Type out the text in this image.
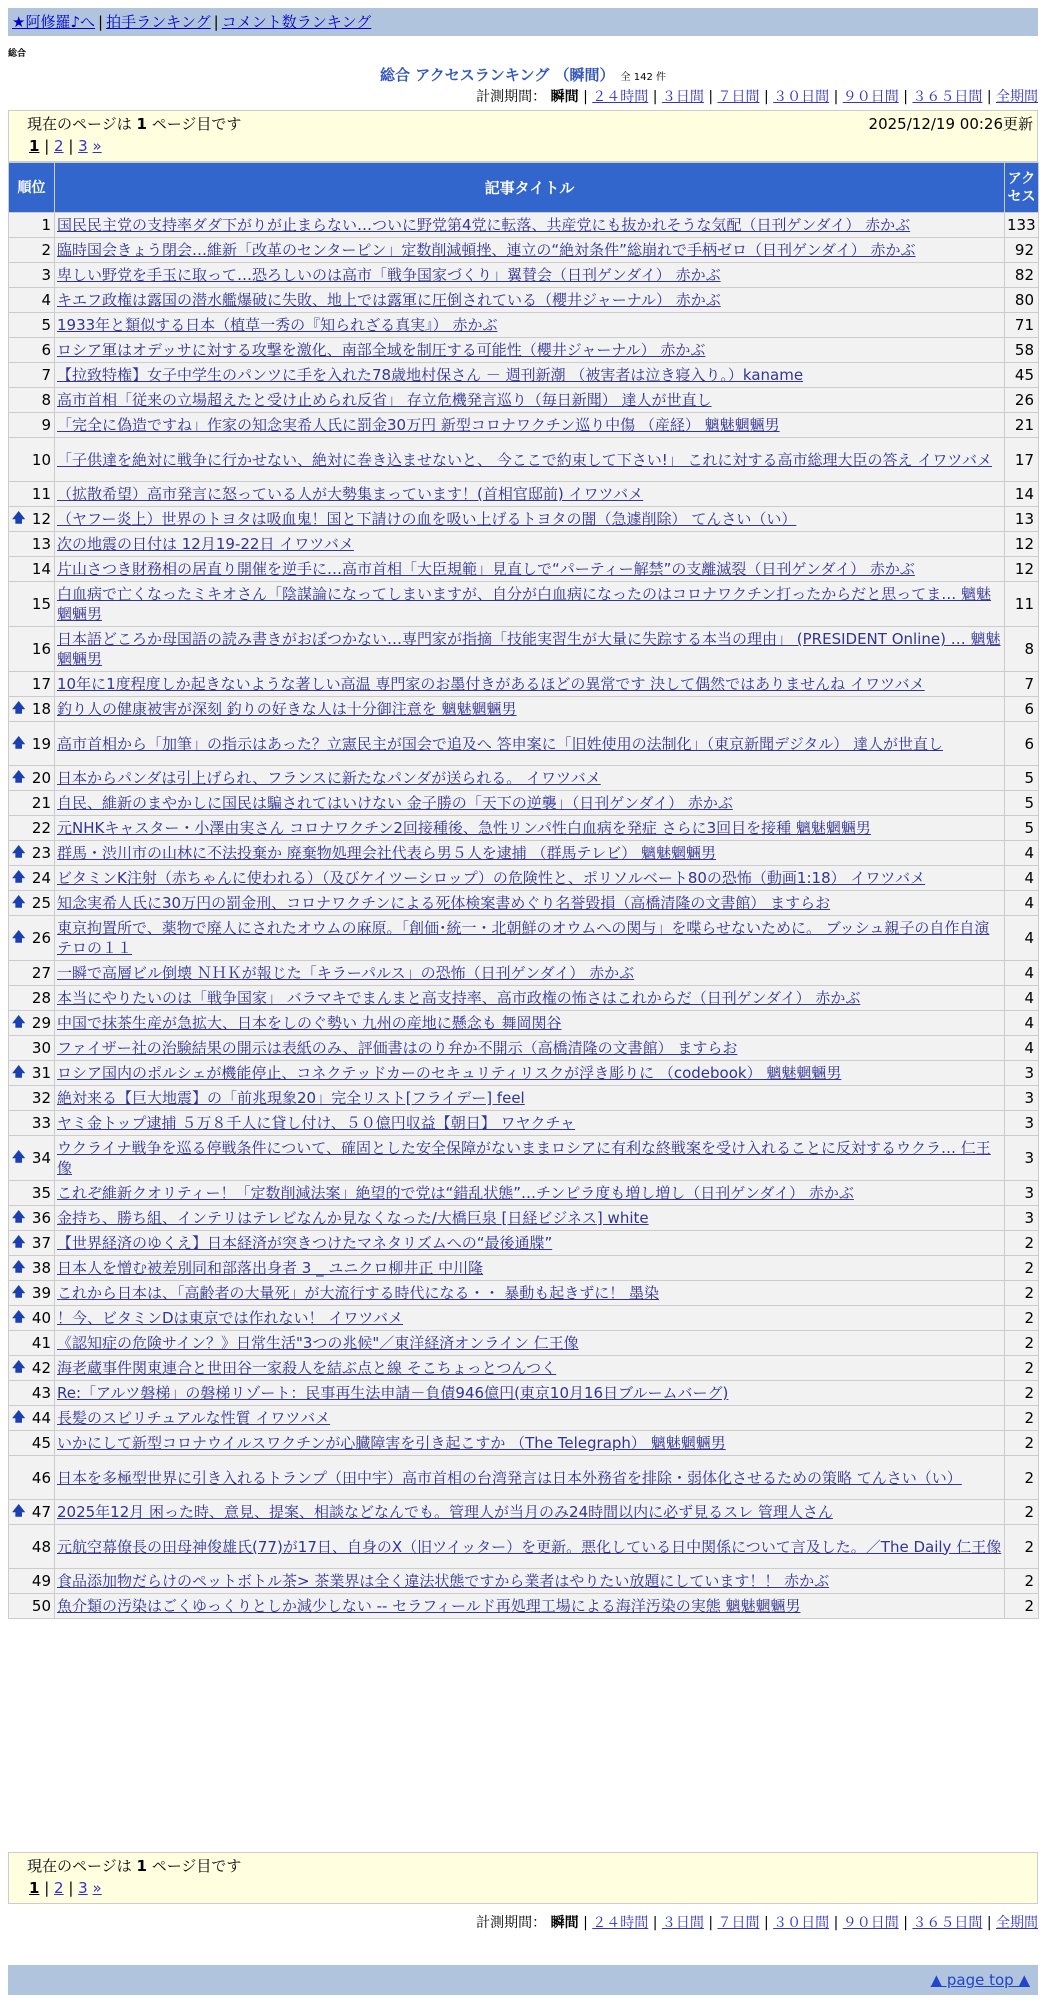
★阿修羅♪へ | 拍手ランキング | コメント数ランキング
総合
総合 アクセスランキング （瞬間） 全 142 件
計測期間： 瞬間 | ２４時間 | ３日間 | ７日間 | ３０日間 | ９０日間 | ３６５日間 | 全期間
現在のページは 1 ページ目です	2025/12/19 00:26更新
1 | 2 | 3 »
順位	記事タイトル	アクセス
1	国民民主党の支持率ダダ下がりが止まらない…ついに野党第4党に転落、共産党にも抜かれそうな気配（日刊ゲンダイ） 赤かぶ	133
2	臨時国会きょう閉会…維新「改革のセンターピン」定数削減頓挫、連立の“絶対条件”総崩れで手柄ゼロ（日刊ゲンダイ） 赤かぶ	92
3	卑しい野党を手玉に取って…恐ろしいのは高市「戦争国家づくり」翼賛会（日刊ゲンダイ） 赤かぶ	82
4	キエフ政権は露国の潜水艦爆破に失敗、地上では露軍に圧倒されている（櫻井ジャーナル） 赤かぶ	80
5	1933年と類似する日本（植草一秀の『知られざる真実』） 赤かぶ	71
6	ロシア軍はオデッサに対する攻撃を激化、南部全域を制圧する可能性（櫻井ジャーナル） 赤かぶ	58
7	【拉致特権】女子中学生のパンツに手を入れた78歳地村保さん － 週刊新潮 （被害者は泣き寝入り。）kaname	45
8	高市首相「従来の立場超えたと受け止められ反省」 存立危機発言巡り（毎日新聞） 達人が世直し	26
9	「完全に偽造ですね」作家の知念実希人氏に罰金30万円 新型コロナワクチン巡り中傷 （産経） 魑魅魍魎男	21
10	「子供達を絶対に戦争に行かせない、絶対に巻き込ませないと、 今ここで約束して下さい!」 これに対する高市総理大臣の答え イワツバメ	17
11	（拡散希望）高市発言に怒っている人が大勢集まっています！(首相官邸前) イワツバメ	14

🡅 12	（ヤフー炎上）世界のトヨタは吸血鬼！国と下請けの血を吸い上げるトヨタの闇（急遽削除） てんさい（い）	13
13	次の地震の日付は 12月19-22日 イワツバメ	12
14	片山さつき財務相の居直り開催を逆手に…高市首相「大臣規範」見直しで“パーティー解禁”の支離滅裂（日刊ゲンダイ） 赤かぶ	12
15	白血病で亡くなったミキオさん「陰謀論になってしまいますが、自分が白血病になったのはコロナワクチン打ったからだと思ってま… 魑魅魍魎男	11
16	日本語どころか母国語の読み書きがおぼつかない…専門家が指摘「技能実習生が大量に失踪する本当の理由」 (PRESIDENT Online) … 魑魅魍魎男	8
17	10年に1度程度しか起きないような著しい高温 専門家のお墨付きがあるほどの異常です 決して偶然ではありませんね イワツバメ	7

🡅 18	釣り人の健康被害が深刻 釣りの好きな人は十分御注意を 魑魅魍魎男	6

🡅 19	高市首相から「加筆」の指示はあった？立憲民主が国会で追及へ 答申案に「旧姓使用の法制化」（東京新聞デジタル） 達人が世直し	6

🡅 20	日本からパンダは引上げられ、フランスに新たなパンダが送られる。 イワツバメ	5
21	自民、維新のまやかしに国民は騙されてはいけない 金子勝の「天下の逆襲」（日刊ゲンダイ） 赤かぶ	5
22	元NHKキャスター・小澤由実さん コロナワクチン2回接種後、急性リンパ性白血病を発症 さらに3回目を接種 魑魅魍魎男	5

🡅 23	群馬・渋川市の山林に不法投棄か 廃棄物処理会社代表ら男５人を逮捕 （群馬テレビ） 魑魅魍魎男	4

🡅 24	ビタミンK注射（赤ちゃんに使われる）（及びケイツーシロップ）の危険性と、ポリソルベート80の恐怖（動画1:18） イワツバメ	4

🡅 25	知念実希人氏に30万円の罰金刑、コロナワクチンによる死体検案書めぐり名誉毀損（高橋清隆の文書館） ますらお	4

🡅 26	東京拘置所で、薬物で廃人にされたオウムの麻原。「創価･統一・北朝鮮のオウムへの関与」を喋らせないために。 ブッシュ親子の自作自演テロの１１	4
27	一瞬で高層ビル倒壊 ＮＨＫが報じた「キラーパルス」の恐怖（日刊ゲンダイ） 赤かぶ	4
28	本当にやりたいのは「戦争国家」 バラマキでまんまと高支持率、高市政権の怖さはこれからだ（日刊ゲンダイ） 赤かぶ	4

🡅 29	中国で抹茶生産が急拡大、日本をしのぐ勢い 九州の産地に懸念も 舞岡関谷	4
30	ファイザー社の治験結果の開示は表紙のみ、評価書はのり弁か不開示（高橋清隆の文書館） ますらお	4

🡅 31	ロシア国内のポルシェが機能停止、コネクテッドカーのセキュリティリスクが浮き彫りに （codebook） 魑魅魍魎男	3
32	絶対来る【巨大地震】の「前兆現象20」完全リスト[フライデー] feel	3
33	ヤミ金トップ逮捕 ５万８千人に貸し付け、５０億円収益【朝日】 ワヤクチャ	3

🡅 34	ウクライナ戦争を巡る停戦条件について、確固とした安全保障がないままロシアに有利な終戦案を受け入れることに反対するウクラ… 仁王像	3
35	これぞ維新クオリティー！「定数削減法案」絶望的で党は“錯乱状態”…チンピラ度も増し増し（日刊ゲンダイ） 赤かぶ	3

🡅 36	金持ち、勝ち組、インテリはテレビなんか見なくなった/大橋巨泉 [日経ビジネス] white	3

🡅 37	【世界経済のゆくえ】日本経済が突きつけたマネタリズムへの“最後通牒”	2

🡅 38	日本人を憎む被差別同和部落出身者 3 _ ユニクロ柳井正 中川隆	2

🡅 39	これから日本は、「高齢者の大量死」が大流行する時代になる・・ 暴動も起きずに！ 墨染	2

🡅 40	！今、ビタミンDは東京では作れない！ イワツバメ	2
41	《認知症の危険サイン？》日常生活"3つの兆候"／東洋経済オンライン 仁王像	2

🡅 42	海老蔵事件関東連合と世田谷一家殺人を結ぶ点と線 そこちょっとつんつく	2
43	Re:「アルツ磐梯」の磐梯リゾート：民事再生法申請－負債946億円(東京10月16日ブルームバーグ)	2

🡅 44	長髪のスピリチュアルな性質 イワツバメ	2
45	いかにして新型コロナウイルスワクチンが心臓障害を引き起こすか （The Telegraph） 魑魅魍魎男	2
46	日本を多極型世界に引き入れるトランプ（田中宇）高市首相の台湾発言は日本外務省を排除・弱体化させるための策略 てんさい（い）	2

🡅 47	2025年12月 困った時、意見、提案、相談などなんでも。管理人が当月のみ24時間以内に必ず見るスレ 管理人さん	2
48	元航空幕僚長の田母神俊雄氏(77)が17日、自身のX（旧ツイッター）を更新。悪化している日中関係について言及した。／The Daily 仁王像	2
49	食品添加物だらけのペットボトル茶> 茶業界は全く違法状態ですから業者はやりたい放題にしています！！ 赤かぶ	2
50	魚介類の汚染はごくゆっくりとしか減少しない -- セラフィールド再処理工場による海洋汚染の実態 魑魅魍魎男	2
現在のページは 1 ページ目です
1 | 2 | 3 »
計測期間： 瞬間 | ２４時間 | ３日間 | ７日間 | ３０日間 | ９０日間 | ３６５日間 | 全期間
▲ page top ▲
